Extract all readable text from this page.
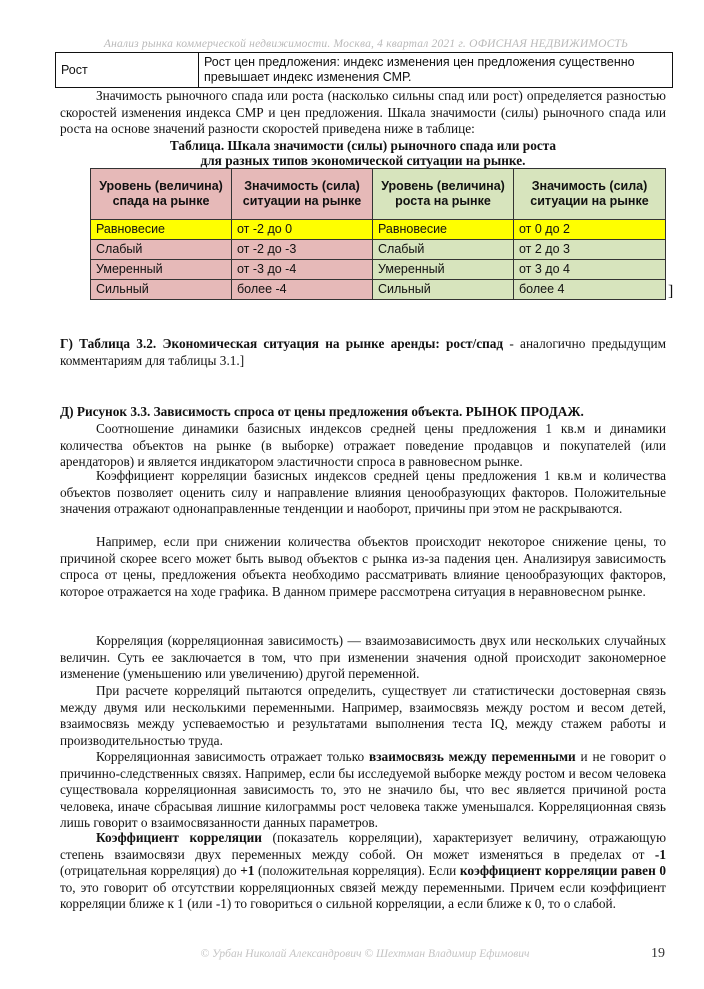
Анализ рынка коммерческой недвижимости. Москва, 4 квартал 2021 г. ОФИСНАЯ НЕДВИЖИМОСТЬ
Рост	Рост цен предложения: индекс изменения цен предложения существенно превышает индекс изменения СМР.

Значимость рыночного спада или роста (насколько сильны спад или рост) определяется разностью скоростей изменения индекса СМР и цен предложения. Шкала значимости (силы) рыночного спада или роста на основе значений разности скоростей приведена ниже в таблице:

Таблица. Шкала значимости (силы) рыночного спада или роста
для разных типов экономической ситуации на рынке.
Уровень (величина) спада на рынке	Значимость (сила) ситуации на рынке	Уровень (величина) роста на рынке	Значимость (сила) ситуации на рынке
Равновесие	от -2 до 0	Равновесие	от 0 до 2
Слабый	от -2 до -3	Слабый	от 2 до 3
Умеренный	от -3 до -4	Умеренный	от 3 до 4
Сильный	более -4	Сильный	более 4	]

Г) Таблица 3.2. Экономическая ситуация на рынке аренды: рост/спад - аналогично предыдущим комментариям для таблицы 3.1.]

Д) Рисунок 3.3. Зависимость спроса от цены предложения объекта. РЫНОК ПРОДАЖ.

Соотношение динамики базисных индексов средней цены предложения 1 кв.м и динамики количества объектов на рынке (в выборке) отражает поведение продавцов и покупателей (или арендаторов) и является индикатором эластичности спроса в равновесном рынке.

Коэффициент корреляции базисных индексов средней цены предложения 1 кв.м и количества объектов позволяет оценить силу и направление влияния ценообразующих факторов. Положительные значения отражают однонаправленные тенденции и наоборот, причины при этом не раскрываются.

Например, если при снижении количества объектов происходит некоторое снижение цены, то причиной скорее всего может быть вывод объектов с рынка из-за падения цен. Анализируя зависимость спроса от цены, предложения объекта необходимо рассматривать влияние ценообразующих факторов, которое отражается на ходе графика. В данном примере рассмотрена ситуация в неравновесном рынке.

Корреляция (корреляционная зависимость) — взаимозависимость двух или нескольких случайных величин. Суть ее заключается в том, что при изменении значения одной происходит закономерное изменение (уменьшению или увеличению) другой переменной.

При расчете корреляций пытаются определить, существует ли статистически достоверная связь между двумя или несколькими переменными. Например, взаимосвязь между ростом и весом детей, взаимосвязь между успеваемостью и результатами выполнения теста IQ, между стажем работы и производительностью труда.

Корреляционная зависимость отражает только взаимосвязь между переменными и не говорит о причинно-следственных связях. Например, если бы исследуемой выборке между ростом и весом человека существовала корреляционная зависимость то, это не значило бы, что вес является причиной роста человека, иначе сбрасывая лишние килограммы рост человека также уменьшался. Корреляционная связь лишь говорит о взаимосвязанности данных параметров.

Коэффициент корреляции (показатель корреляции), характеризует величину, отражающую степень взаимосвязи двух переменных между собой. Он может изменяться в пределах от -1 (отрицательная корреляция) до +1 (положительная корреляция). Если коэффициент корреляции равен 0 то, это говорит об отсутствии корреляционных связей между переменными. Причем если коэффициент корреляции ближе к 1 (или -1) то говориться о сильной корреляции, а если ближе к 0, то о слабой.

© Урбан Николай Александрович © Шехтман Владимир Ефимович	19
